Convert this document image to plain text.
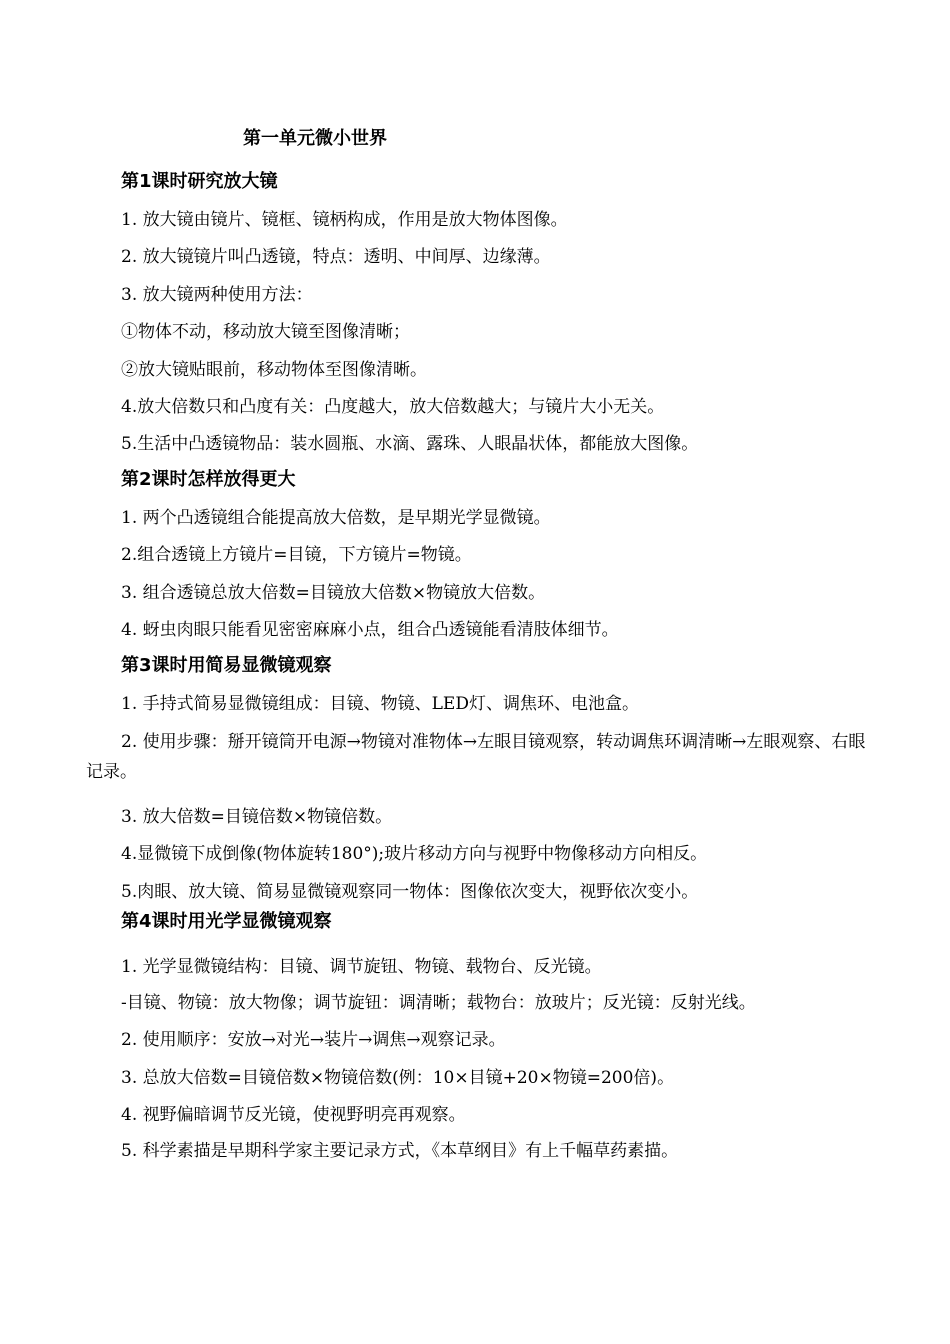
第一单元微小世界
第1课时研究放大镜
1. 放大镜由镜片、镜框、镜柄构成，作用是放大物体图像。
2. 放大镜镜片叫凸透镜，特点：透明、中间厚、边缘薄。
3. 放大镜两种使用方法：
①物体不动，移动放大镜至图像清晰；
②放大镜贴眼前，移动物体至图像清晰。
4.放大倍数只和凸度有关：凸度越大，放大倍数越大；与镜片大小无关。
5.生活中凸透镜物品：装水圆瓶、水滴、露珠、人眼晶状体，都能放大图像。
第2课时怎样放得更大
1. 两个凸透镜组合能提高放大倍数，是早期光学显微镜。
2.组合透镜上方镜片=目镜，下方镜片=物镜。
3. 组合透镜总放大倍数=目镜放大倍数×物镜放大倍数。
4. 蚜虫肉眼只能看见密密麻麻小点，组合凸透镜能看清肢体细节。
第3课时用简易显微镜观察
1. 手持式简易显微镜组成：目镜、物镜、LED灯、调焦环、电池盒。
2. 使用步骤：掰开镜筒开电源→物镜对准物体→左眼目镜观察，转动调焦环调清晰→左眼观察、右眼记录。
3. 放大倍数=目镜倍数×物镜倍数。
4.显微镜下成倒像(物体旋转180°);玻片移动方向与视野中物像移动方向相反。
5.肉眼、放大镜、简易显微镜观察同一物体：图像依次变大，视野依次变小。
第4课时用光学显微镜观察
1. 光学显微镜结构：目镜、调节旋钮、物镜、载物台、反光镜。
-目镜、物镜：放大物像；调节旋钮：调清晰；载物台：放玻片；反光镜：反射光线。
2. 使用顺序：安放→对光→装片→调焦→观察记录。
3. 总放大倍数=目镜倍数×物镜倍数(例：10×目镜+20×物镜=200倍)。
4. 视野偏暗调节反光镜，使视野明亮再观察。
5. 科学素描是早期科学家主要记录方式，《本草纲目》有上千幅草药素描。
